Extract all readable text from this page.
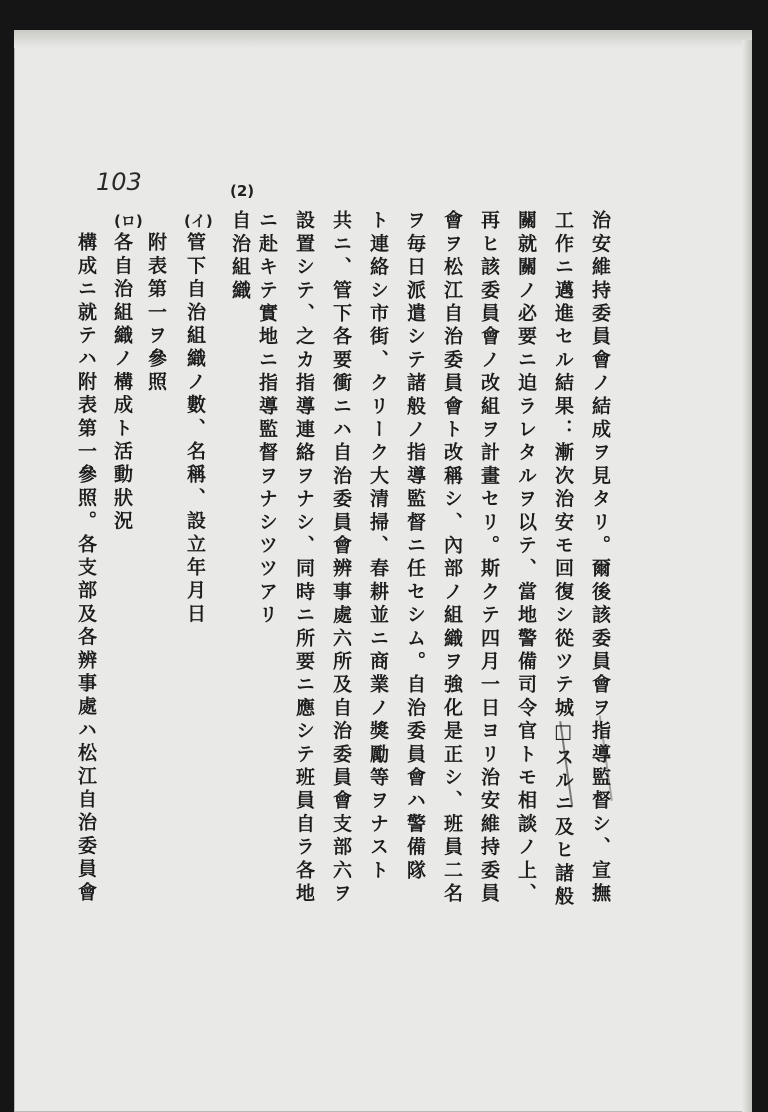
103
治安維持委員會ノ結成ヲ見タリ。爾後該委員會ヲ指導監督シ、宣撫
工作ニ邁進セル結果：漸次治安モ回復シ從ツテ城□スルニ及ヒ諸般
關就關ノ必要ニ迫ラレタルヲ以テ、當地警備司令官トモ相談ノ上、
再ヒ該委員會ノ改組ヲ計畫セリ。斯クテ四月一日ヨリ治安維持委員
會ヲ松江自治委員會ト改稱シ、內部ノ組織ヲ強化是正シ、班員二名
ヲ毎日派遣シテ諸般ノ指導監督ニ任セシム。自治委員會ハ警備隊
ト連絡シ市街、クリーク大清掃、春耕並ニ商業ノ獎勵等ヲナスト
共ニ、管下各要衝ニハ自治委員會辨事處六所及自治委員會支部六ヲ
設置シテ、之カ指導連絡ヲナシ、同時ニ所要ニ應シテ班員自ラ各地
ニ赴キテ實地ニ指導監督ヲナシツツアリ
(2)
自治組織
(イ)
管下自治組織ノ數、名稱、設立年月日
附表第一ヲ參照
(ロ)
各自治組織ノ構成ト活動狀況
構成ニ就テハ附表第一參照。各支部及各辨事處ハ松江自治委員會
